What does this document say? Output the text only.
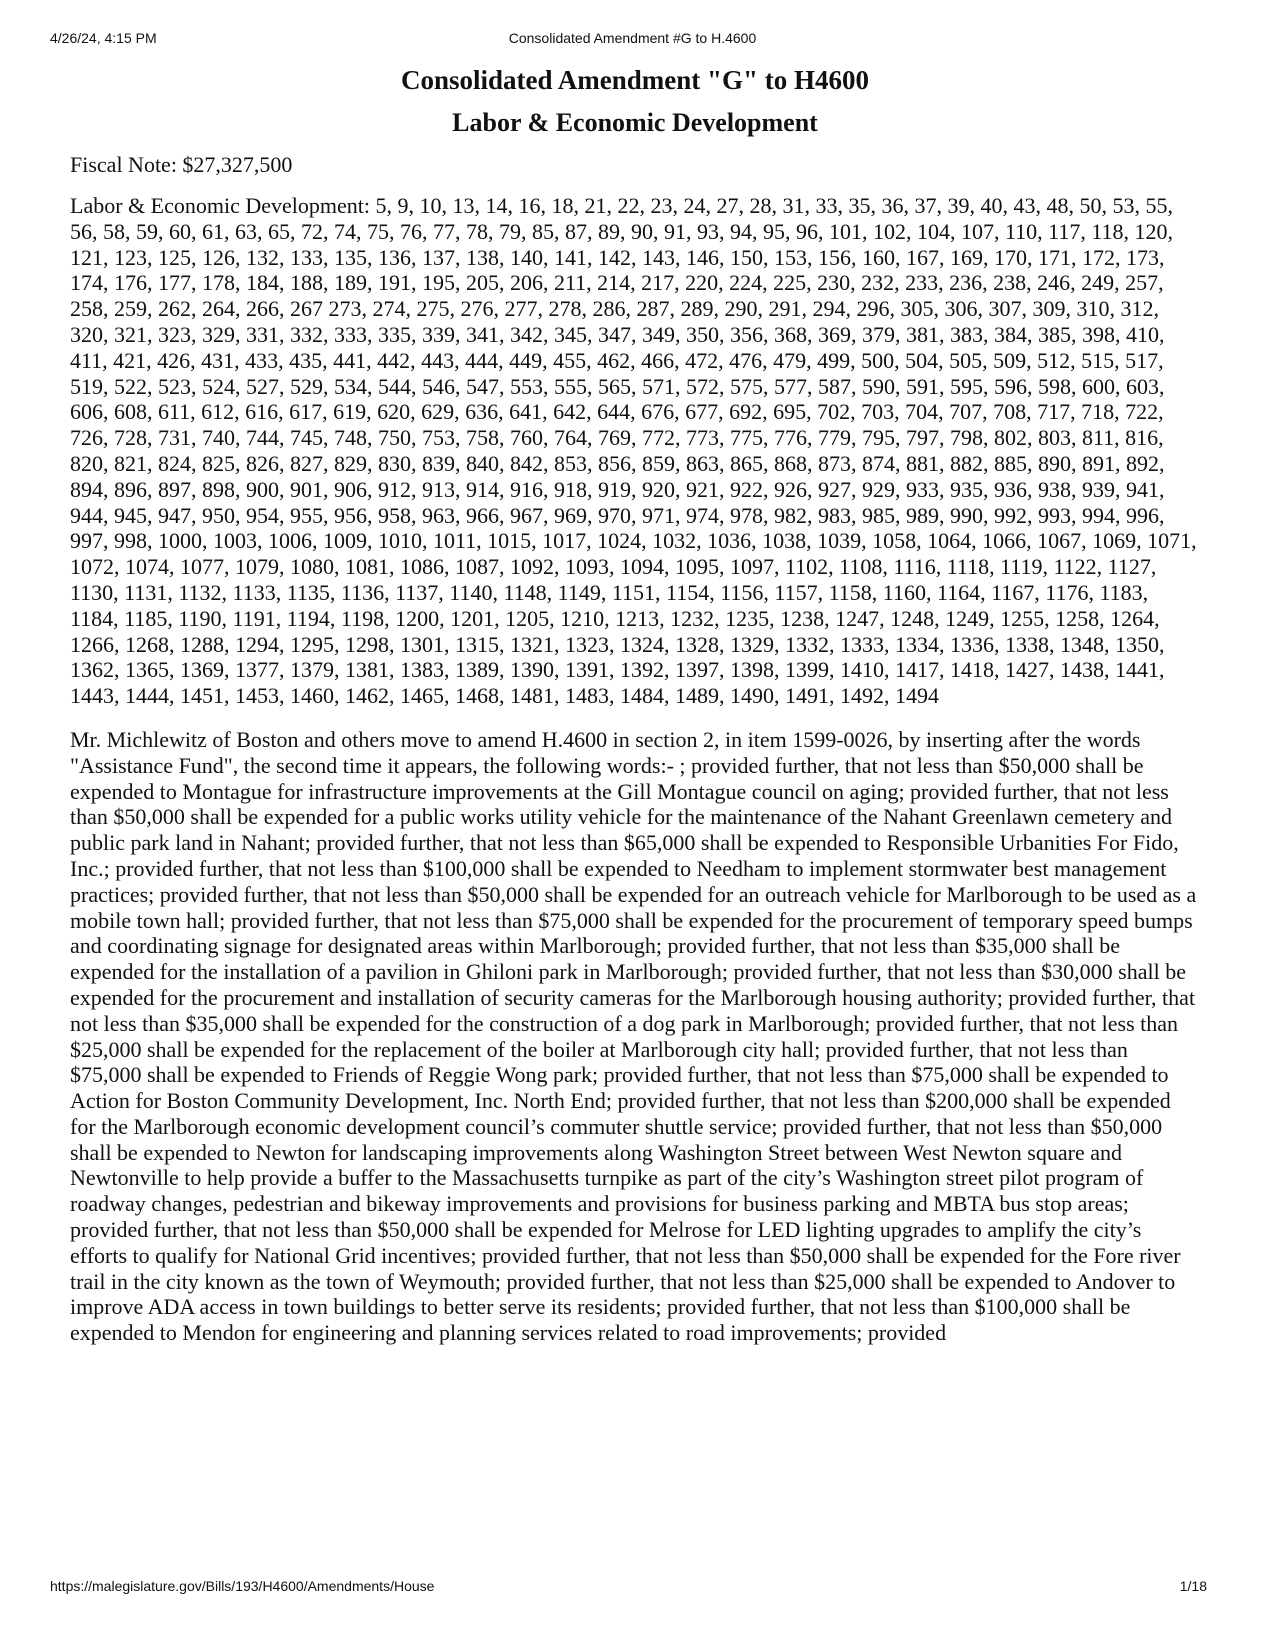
4/26/24, 4:15 PM	Consolidated Amendment #G to H.4600
Consolidated Amendment "G" to H4600
Labor & Economic Development

Fiscal Note: $27,327,500

Labor & Economic Development: 5, 9, 10, 13, 14, 16, 18, 21, 22, 23, 24, 27, 28, 31, 33, 35, 36, 37, 39, 40, 43, 48, 50, 53, 55, 56, 58, 59, 60, 61, 63, 65, 72, 74, 75, 76, 77, 78, 79, 85, 87, 89, 90, 91, 93, 94, 95, 96, 101, 102, 104, 107, 110, 117, 118, 120, 121, 123, 125, 126, 132, 133, 135, 136, 137, 138, 140, 141, 142, 143, 146, 150, 153, 156, 160, 167, 169, 170, 171, 172, 173, 174, 176, 177, 178, 184, 188, 189, 191, 195, 205, 206, 211, 214, 217, 220, 224, 225, 230, 232, 233, 236, 238, 246, 249, 257, 258, 259, 262, 264, 266, 267 273, 274, 275, 276, 277, 278, 286, 287, 289, 290, 291, 294, 296, 305, 306, 307, 309, 310, 312, 320, 321, 323, 329, 331, 332, 333, 335, 339, 341, 342, 345, 347, 349, 350, 356, 368, 369, 379, 381, 383, 384, 385, 398, 410, 411, 421, 426, 431, 433, 435, 441, 442, 443, 444, 449, 455, 462, 466, 472, 476, 479, 499, 500, 504, 505, 509, 512, 515, 517, 519, 522, 523, 524, 527, 529, 534, 544, 546, 547, 553, 555, 565, 571, 572, 575, 577, 587, 590, 591, 595, 596, 598, 600, 603, 606, 608, 611, 612, 616, 617, 619, 620, 629, 636, 641, 642, 644, 676, 677, 692, 695, 702, 703, 704, 707, 708, 717, 718, 722, 726, 728, 731, 740, 744, 745, 748, 750, 753, 758, 760, 764, 769, 772, 773, 775, 776, 779, 795, 797, 798, 802, 803, 811, 816, 820, 821, 824, 825, 826, 827, 829, 830, 839, 840, 842, 853, 856, 859, 863, 865, 868, 873, 874, 881, 882, 885, 890, 891, 892, 894, 896, 897, 898, 900, 901, 906, 912, 913, 914, 916, 918, 919, 920, 921, 922, 926, 927, 929, 933, 935, 936, 938, 939, 941, 944, 945, 947, 950, 954, 955, 956, 958, 963, 966, 967, 969, 970, 971, 974, 978, 982, 983, 985, 989, 990, 992, 993, 994, 996, 997, 998, 1000, 1003, 1006, 1009, 1010, 1011, 1015, 1017, 1024, 1032, 1036, 1038, 1039, 1058, 1064, 1066, 1067, 1069, 1071, 1072, 1074, 1077, 1079, 1080, 1081, 1086, 1087, 1092, 1093, 1094, 1095, 1097, 1102, 1108, 1116, 1118, 1119, 1122, 1127, 1130, 1131, 1132, 1133, 1135, 1136, 1137, 1140, 1148, 1149, 1151, 1154, 1156, 1157, 1158, 1160, 1164, 1167, 1176, 1183, 1184, 1185, 1190, 1191, 1194, 1198, 1200, 1201, 1205, 1210, 1213, 1232, 1235, 1238, 1247, 1248, 1249, 1255, 1258, 1264, 1266, 1268, 1288, 1294, 1295, 1298, 1301, 1315, 1321, 1323, 1324, 1328, 1329, 1332, 1333, 1334, 1336, 1338, 1348, 1350, 1362, 1365, 1369, 1377, 1379, 1381, 1383, 1389, 1390, 1391, 1392, 1397, 1398, 1399, 1410, 1417, 1418, 1427, 1438, 1441, 1443, 1444, 1451, 1453, 1460, 1462, 1465, 1468, 1481, 1483, 1484, 1489, 1490, 1491, 1492, 1494

Mr. Michlewitz of Boston and others move to amend H.4600 in section 2, in item 1599-0026, by inserting after the words "Assistance Fund", the second time it appears, the following words:- ; provided further, that not less than $50,000 shall be expended to Montague for infrastructure improvements at the Gill Montague council on aging; provided further, that not less than $50,000 shall be expended for a public works utility vehicle for the maintenance of the Nahant Greenlawn cemetery and public park land in Nahant; provided further, that not less than $65,000 shall be expended to Responsible Urbanities For Fido, Inc.; provided further, that not less than $100,000 shall be expended to Needham to implement stormwater best management practices; provided further, that not less than $50,000 shall be expended for an outreach vehicle for Marlborough to be used as a mobile town hall; provided further, that not less than $75,000 shall be expended for the procurement of temporary speed bumps and coordinating signage for designated areas within Marlborough; provided further, that not less than $35,000 shall be expended for the installation of a pavilion in Ghiloni park in Marlborough; provided further, that not less than $30,000 shall be expended for the procurement and installation of security cameras for the Marlborough housing authority; provided further, that not less than $35,000 shall be expended for the construction of a dog park in Marlborough; provided further, that not less than $25,000 shall be expended for the replacement of the boiler at Marlborough city hall; provided further, that not less than $75,000 shall be expended to Friends of Reggie Wong park; provided further, that not less than $75,000 shall be expended to Action for Boston Community Development, Inc. North End; provided further, that not less than $200,000 shall be expended for the Marlborough economic development council’s commuter shuttle service; provided further, that not less than $50,000 shall be expended to Newton for landscaping improvements along Washington Street between West Newton square and Newtonville to help provide a buffer to the Massachusetts turnpike as part of the city’s Washington street pilot program of roadway changes, pedestrian and bikeway improvements and provisions for business parking and MBTA bus stop areas; provided further, that not less than $50,000 shall be expended for Melrose for LED lighting upgrades to amplify the city’s efforts to qualify for National Grid incentives; provided further, that not less than $50,000 shall be expended for the Fore river trail in the city known as the town of Weymouth; provided further, that not less than $25,000 shall be expended to Andover to improve ADA access in town buildings to better serve its residents; provided further, that not less than $100,000 shall be expended to Mendon for engineering and planning services related to road improvements; provided

https://malegislature.gov/Bills/193/H4600/Amendments/House	1/18
